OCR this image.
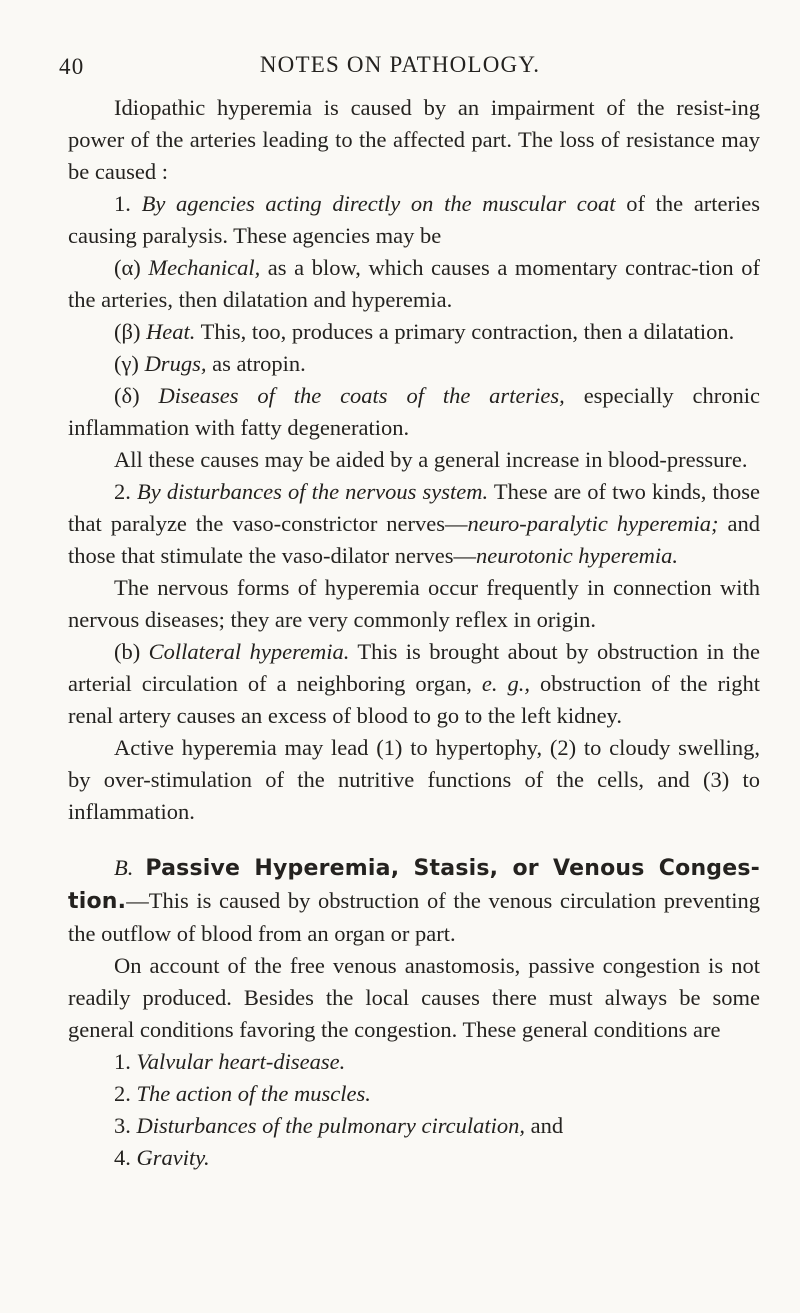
40	NOTES ON PATHOLOGY.

Idiopathic hyperemia is caused by an impairment of the resist-ing power of the arteries leading to the affected part. The loss of resistance may be caused :

1. By agencies acting directly on the muscular coat of the arteries causing paralysis. These agencies may be

(α) Mechanical, as a blow, which causes a momentary contrac-tion of the arteries, then dilatation and hyperemia.

(β) Heat. This, too, produces a primary contraction, then a dilatation.

(γ) Drugs, as atropin.

(δ) Diseases of the coats of the arteries, especially chronic inflammation with fatty degeneration.

All these causes may be aided by a general increase in blood-pressure.

2. By disturbances of the nervous system. These are of two kinds, those that paralyze the vaso-constrictor nerves—neuro-paralytic hyperemia; and those that stimulate the vaso-dilator nerves—neurotonic hyperemia.

The nervous forms of hyperemia occur frequently in connection with nervous diseases; they are very commonly reflex in origin.

(b) Collateral hyperemia. This is brought about by obstruction in the arterial circulation of a neighboring organ, e. g., obstruction of the right renal artery causes an excess of blood to go to the left kidney.

Active hyperemia may lead (1) to hypertophy, (2) to cloudy swelling, by over-stimulation of the nutritive functions of the cells, and (3) to inflammation.

B. Passive Hyperemia, Stasis, or Venous Conges-tion.—This is caused by obstruction of the venous circulation preventing the outflow of blood from an organ or part.

On account of the free venous anastomosis, passive congestion is not readily produced. Besides the local causes there must always be some general conditions favoring the congestion. These general conditions are

1. Valvular heart-disease.

2. The action of the muscles.

3. Disturbances of the pulmonary circulation, and

4. Gravity.
